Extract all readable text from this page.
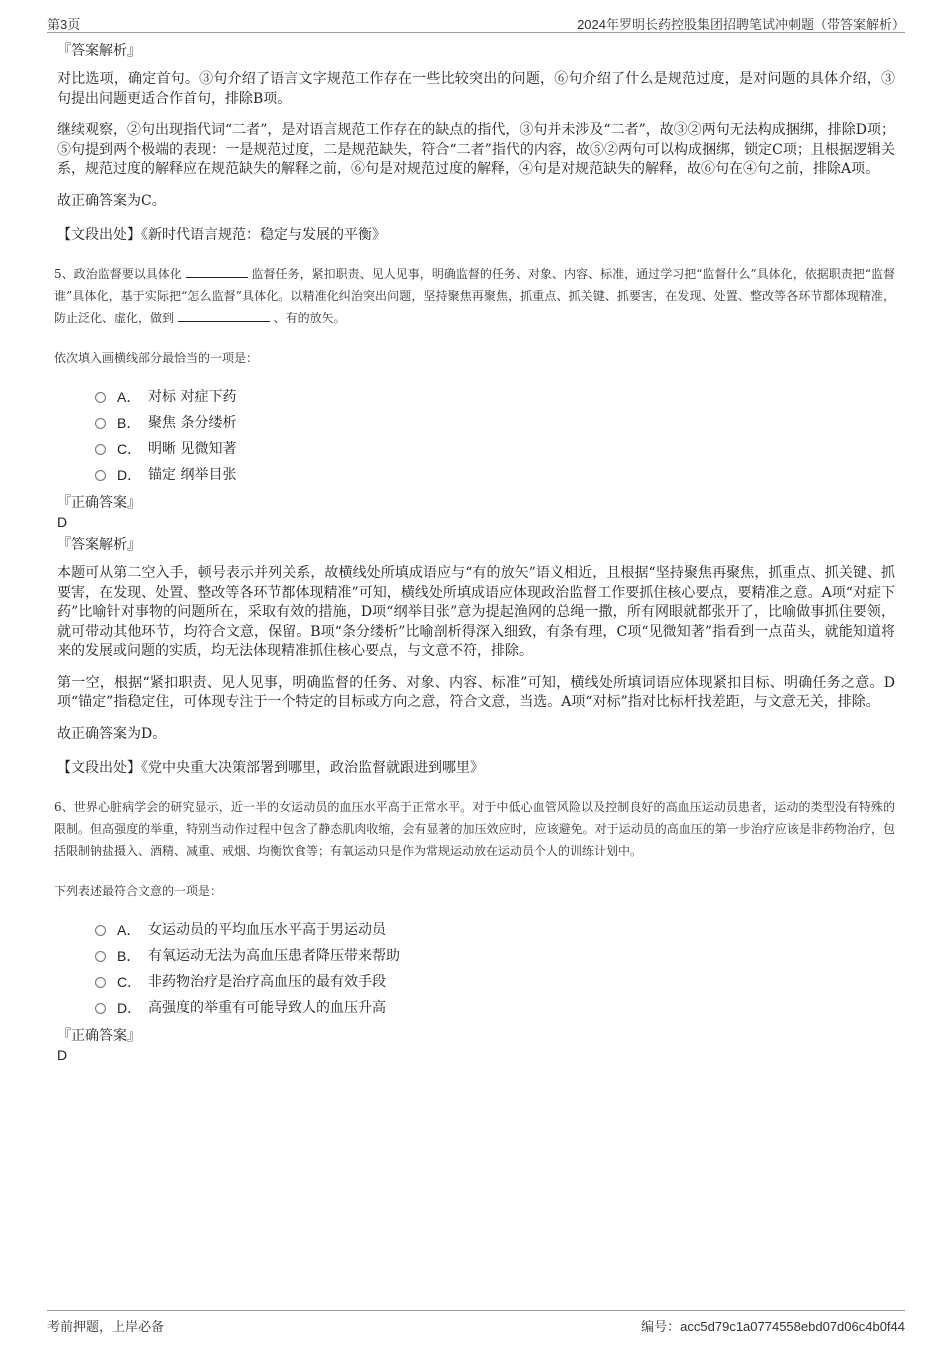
第3页	2024年罗明长药控股集团招聘笔试冲刺题（带答案解析）
『答案解析』

对比选项，确定首句。③句介绍了语言文字规范工作存在一些比较突出的问题，⑥句介绍了什么是规范过度，是对问题的具体介绍，③句提出问题更适合作首句，排除B项。

继续观察，②句出现指代词“二者”，是对语言规范工作存在的缺点的指代，③句并未涉及“二者”，故③②两句无法构成捆绑，排除D项；⑤句提到两个极端的表现：一是规范过度，二是规范缺失，符合“二者”指代的内容，故⑤②两句可以构成捆绑，锁定C项；且根据逻辑关系，规范过度的解释应在规范缺失的解释之前，⑥句是对规范过度的解释，④句是对规范缺失的解释，故⑥句在④句之前，排除A项。

故正确答案为C。

【文段出处】《新时代语言规范：稳定与发展的平衡》
5、政治监督要以具体化	监督任务，紧扣职责、见人见事，明确监督的任务、对象、内容、标准，通过学习把“监督什么”具体化，依据职责把“监督谁”具体化，基于实际把“怎么监督”具体化。以精准化纠治突出问题，坚持聚焦再聚焦，抓重点、抓关键、抓要害，在发现、处置、整改等各环节都体现精准，防止泛化、虚化，做到	、有的放矢。
依次填入画横线部分最恰当的一项是：
A． 对标 对症下药
B． 聚焦 条分缕析
C． 明晰 见微知著
D． 锚定 纲举目张
『正确答案』
D
『答案解析』

本题可从第二空入手，顿号表示并列关系，故横线处所填成语应与“有的放矢”语义相近，且根据“坚持聚焦再聚焦，抓重点、抓关键、抓要害，在发现、处置、整改等各环节都体现精准”可知，横线处所填成语应体现政治监督工作要抓住核心要点，要精准之意。A项“对症下药”比喻针对事物的问题所在，采取有效的措施，D项“纲举目张”意为提起渔网的总绳一撒，所有网眼就都张开了，比喻做事抓住要领，就可带动其他环节，均符合文意，保留。B项“条分缕析”比喻剖析得深入细致，有条有理，C项“见微知著”指看到一点苗头，就能知道将来的发展或问题的实质，均无法体现精准抓住核心要点，与文意不符，排除。

第一空，根据“紧扣职责、见人见事，明确监督的任务、对象、内容、标准”可知，横线处所填词语应体现紧扣目标、明确任务之意。D项“锚定”指稳定住，可体现专注于一个特定的目标或方向之意，符合文意，当选。A项“对标”指对比标杆找差距，与文意无关，排除。

故正确答案为D。

【文段出处】《党中央重大决策部署到哪里，政治监督就跟进到哪里》
6、世界心脏病学会的研究显示，近一半的女运动员的血压水平高于正常水平。对于中低心血管风险以及控制良好的高血压运动员患者，运动的类型没有特殊的限制。但高强度的举重，特别当动作过程中包含了静态肌肉收缩，会有显著的加压效应时，应该避免。对于运动员的高血压的第一步治疗应该是非药物治疗，包括限制钠盐摄入、酒精、减重、戒烟、均衡饮食等；有氧运动只是作为常规运动放在运动员个人的训练计划中。
下列表述最符合文意的一项是：
A． 女运动员的平均血压水平高于男运动员
B． 有氧运动无法为高血压患者降压带来帮助
C． 非药物治疗是治疗高血压的最有效手段
D． 高强度的举重有可能导致人的血压升高
『正确答案』
D
考前押题，上岸必备	编号：acc5d79c1a0774558ebd07d06c4b0f44
